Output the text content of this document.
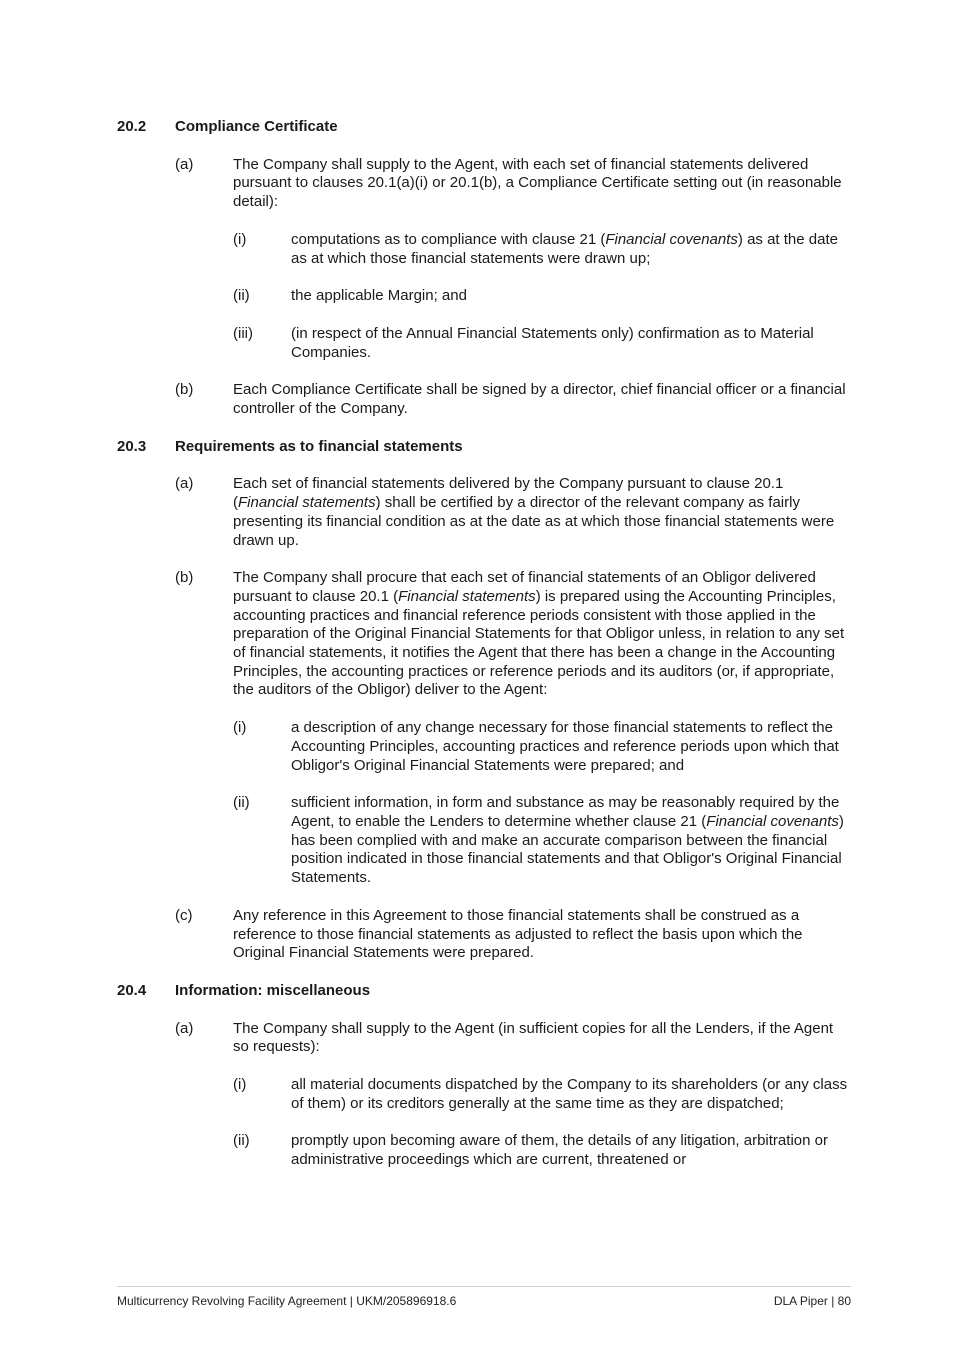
20.2	Compliance Certificate
(a)	The Company shall supply to the Agent, with each set of financial statements delivered pursuant to clauses 20.1(a)(i) or 20.1(b), a Compliance Certificate setting out (in reasonable detail):
(i)	computations as to compliance with clause 21 (Financial covenants) as at the date as at which those financial statements were drawn up;
(ii)	the applicable Margin; and
(iii)	(in respect of the Annual Financial Statements only) confirmation as to Material Companies.
(b)	Each Compliance Certificate shall be signed by a director, chief financial officer or a financial controller of the Company.
20.3	Requirements as to financial statements
(a)	Each set of financial statements delivered by the Company pursuant to clause 20.1 (Financial statements) shall be certified by a director of the relevant company as fairly presenting its financial condition as at the date as at which those financial statements were drawn up.
(b)	The Company shall procure that each set of financial statements of an Obligor delivered pursuant to clause 20.1 (Financial statements) is prepared using the Accounting Principles, accounting practices and financial reference periods consistent with those applied in the preparation of the Original Financial Statements for that Obligor unless, in relation to any set of financial statements, it notifies the Agent that there has been a change in the Accounting Principles, the accounting practices or reference periods and its auditors (or, if appropriate, the auditors of the Obligor) deliver to the Agent:
(i)	a description of any change necessary for those financial statements to reflect the Accounting Principles, accounting practices and reference periods upon which that Obligor's Original Financial Statements were prepared; and
(ii)	sufficient information, in form and substance as may be reasonably required by the Agent, to enable the Lenders to determine whether clause 21 (Financial covenants) has been complied with and make an accurate comparison between the financial position indicated in those financial statements and that Obligor's Original Financial Statements.
(c)	Any reference in this Agreement to those financial statements shall be construed as a reference to those financial statements as adjusted to reflect the basis upon which the Original Financial Statements were prepared.
20.4	Information: miscellaneous
(a)	The Company shall supply to the Agent (in sufficient copies for all the Lenders, if the Agent so requests):
(i)	all material documents dispatched by the Company to its shareholders (or any class of them) or its creditors generally at the same time as they are dispatched;
(ii)	promptly upon becoming aware of them, the details of any litigation, arbitration or administrative proceedings which are current, threatened or
Multicurrency Revolving Facility Agreement | UKM/205896918.6	DLA Piper | 80
